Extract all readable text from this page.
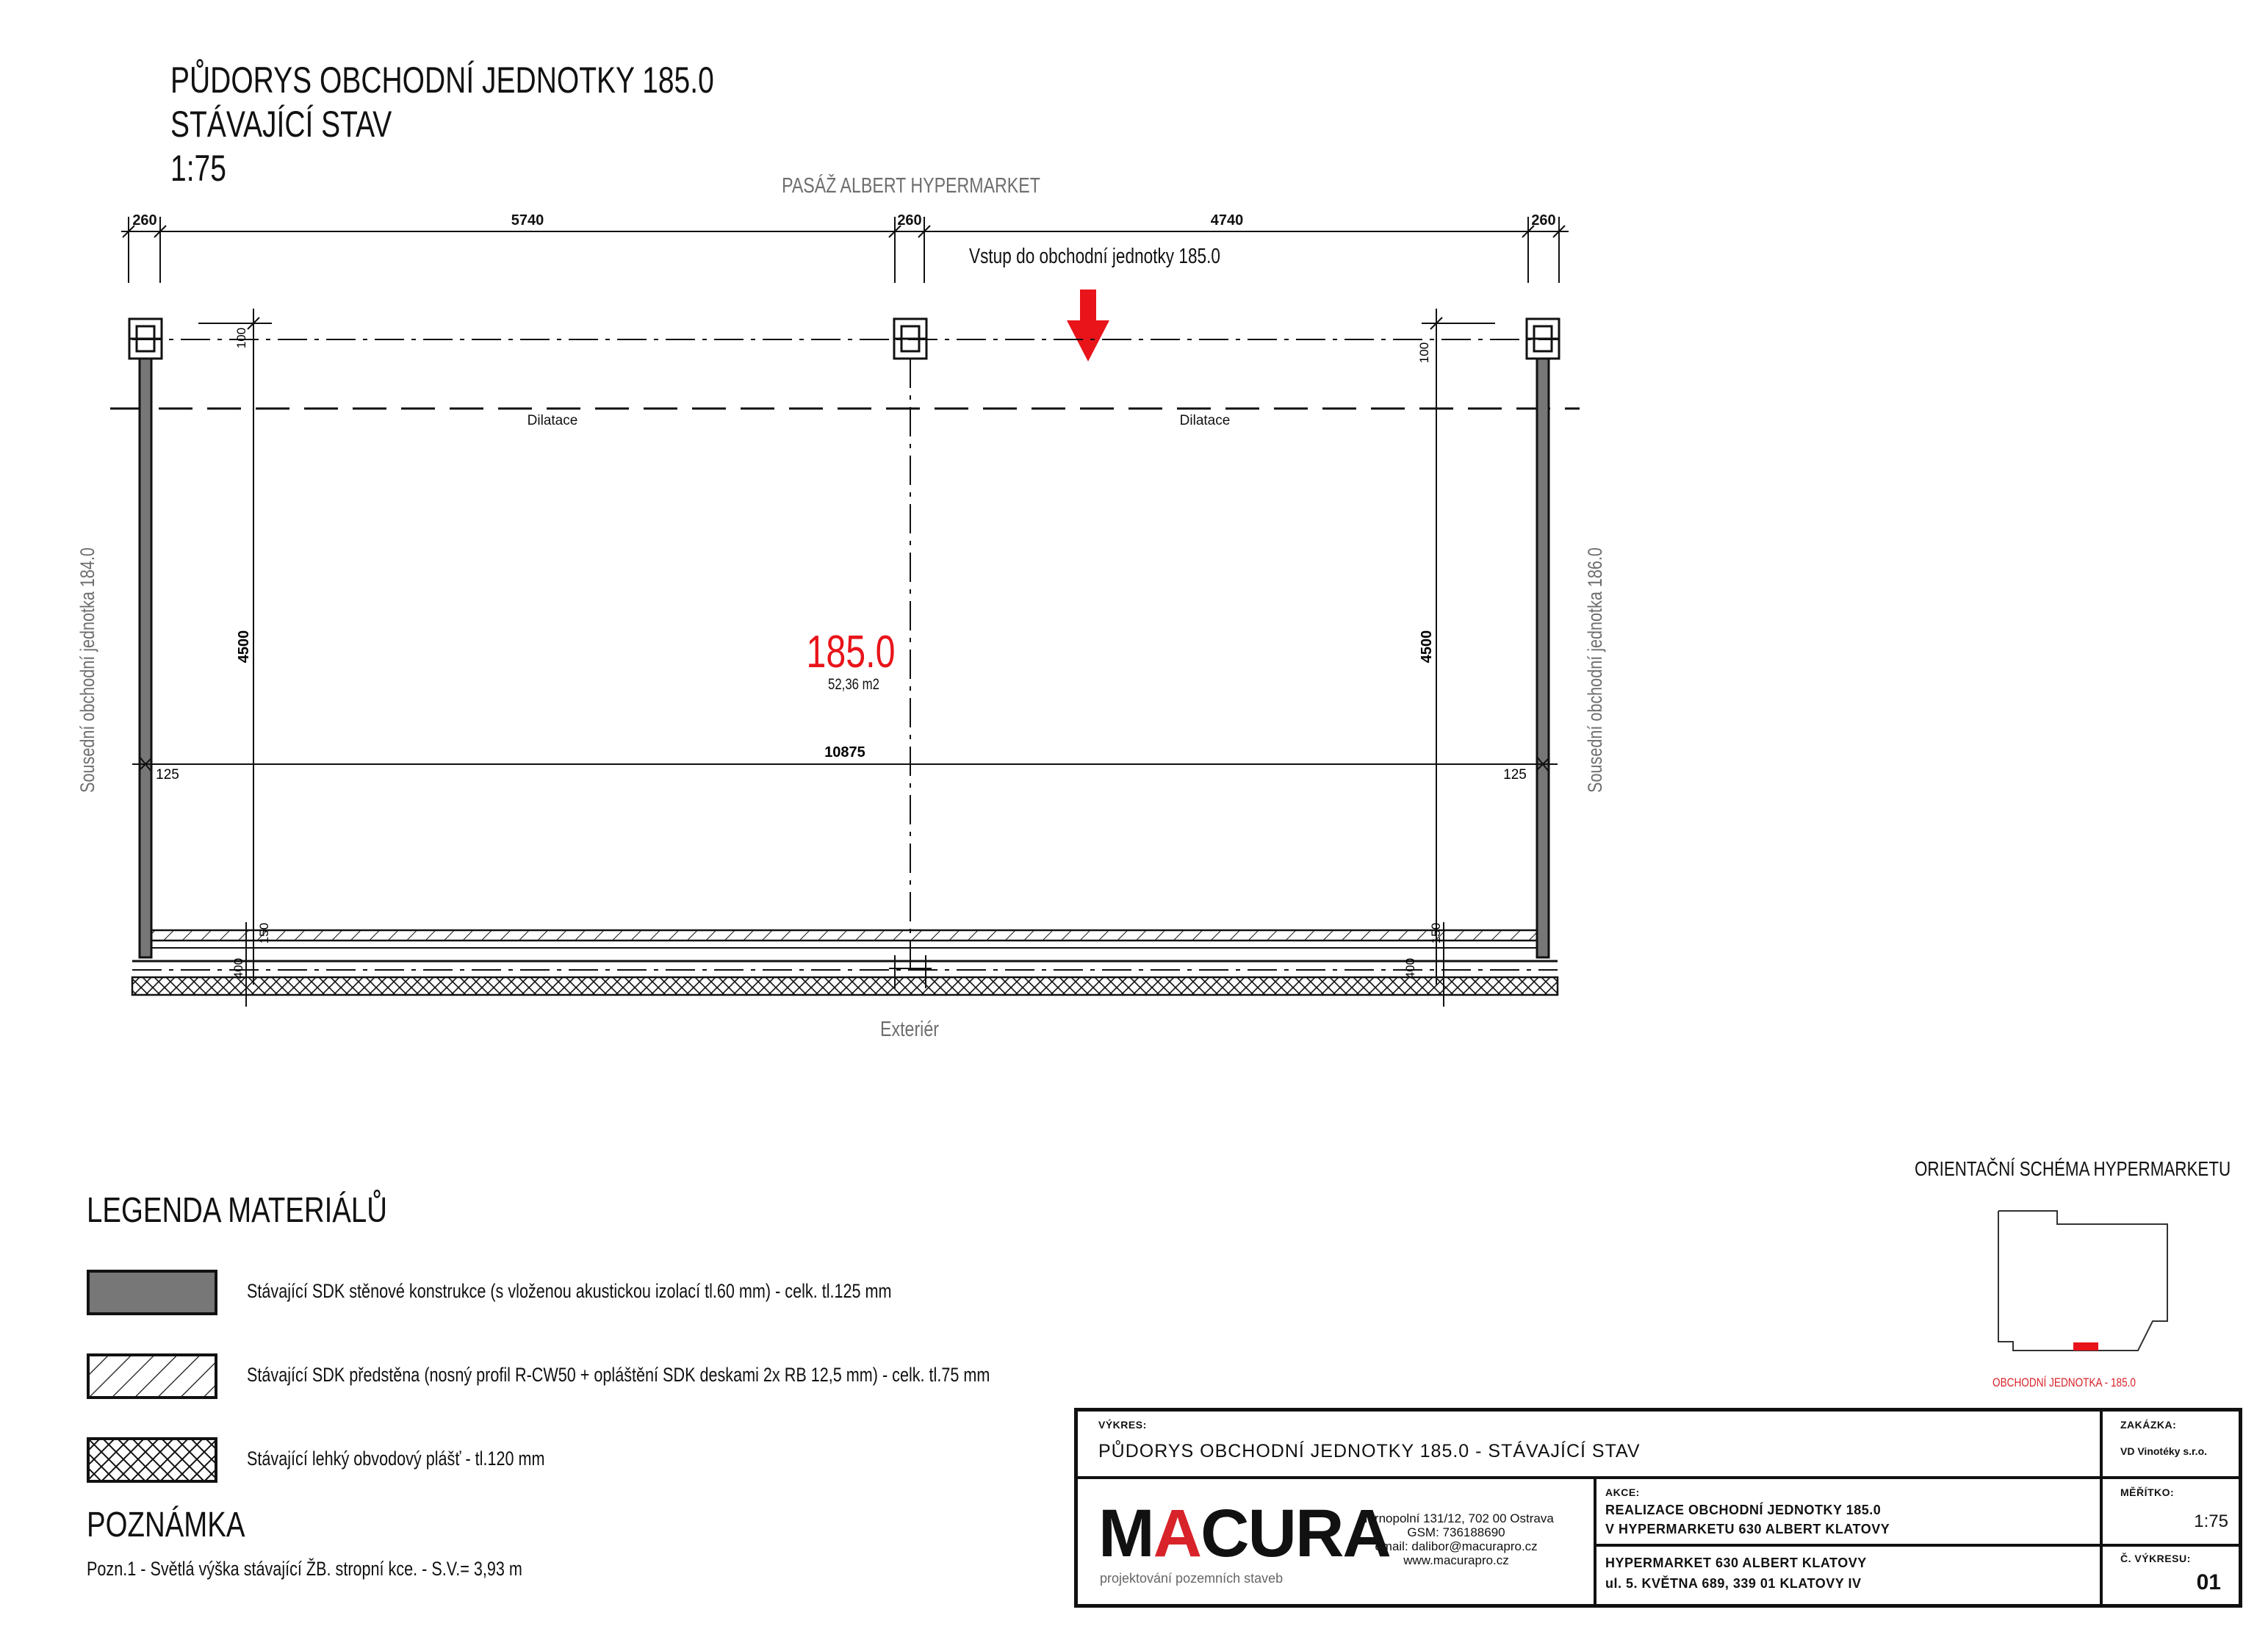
PŮDORYS OBCHODNÍ JEDNOTKY 185.0
STÁVAJÍCÍ STAV
1:75	PASÁŽ ALBERT HYPERMARKET
260	5740	260	4740	260
Vstup do obchodní jednotky 185.0
Dilatace	Dilatace
100
100
4500	4500
185.0
52,36 m2
10875
125	125
150
400
150
400
Exteriér
Sousední obchodní jednotka 184.0	Sousední obchodní jednotka 186.0
LEGENDA MATERIÁLŮ
Stávající SDK stěnové konstrukce (s vloženou akustickou izolací tl.60 mm) - celk. tl.125 mm
Stávající SDK předstěna (nosný profil R-CW50 + opláštění SDK deskami 2x RB 12,5 mm) - celk. tl.75 mm
Stávající lehký obvodový plášť - tl.120 mm
POZNÁMKA
Pozn.1 - Světlá výška stávající ŽB. stropní kce. - S.V.= 3,93 m
ORIENTAČNÍ SCHÉMA HYPERMARKETU
OBCHODNÍ JEDNOTKA - 185.0
VÝKRES:
PŮDORYS OBCHODNÍ JEDNOTKY 185.0 - STÁVAJÍCÍ STAV
ZAKÁZKA:
VD Vinotéky s.r.o.
MACURA
projektování pozemních staveb
Hornopolní 131/12, 702 00 Ostrava
GSM: 736188690
email: dalibor@macurapro.cz
www.macurapro.cz
AKCE:
REALIZACE OBCHODNÍ JEDNOTKY 185.0
V HYPERMARKETU 630 ALBERT KLATOVY
HYPERMARKET 630 ALBERT KLATOVY
ul. 5. KVĚTNA 689, 339 01 KLATOVY IV
MĚŘÍTKO:
1:75
Č. VÝKRESU:
01
